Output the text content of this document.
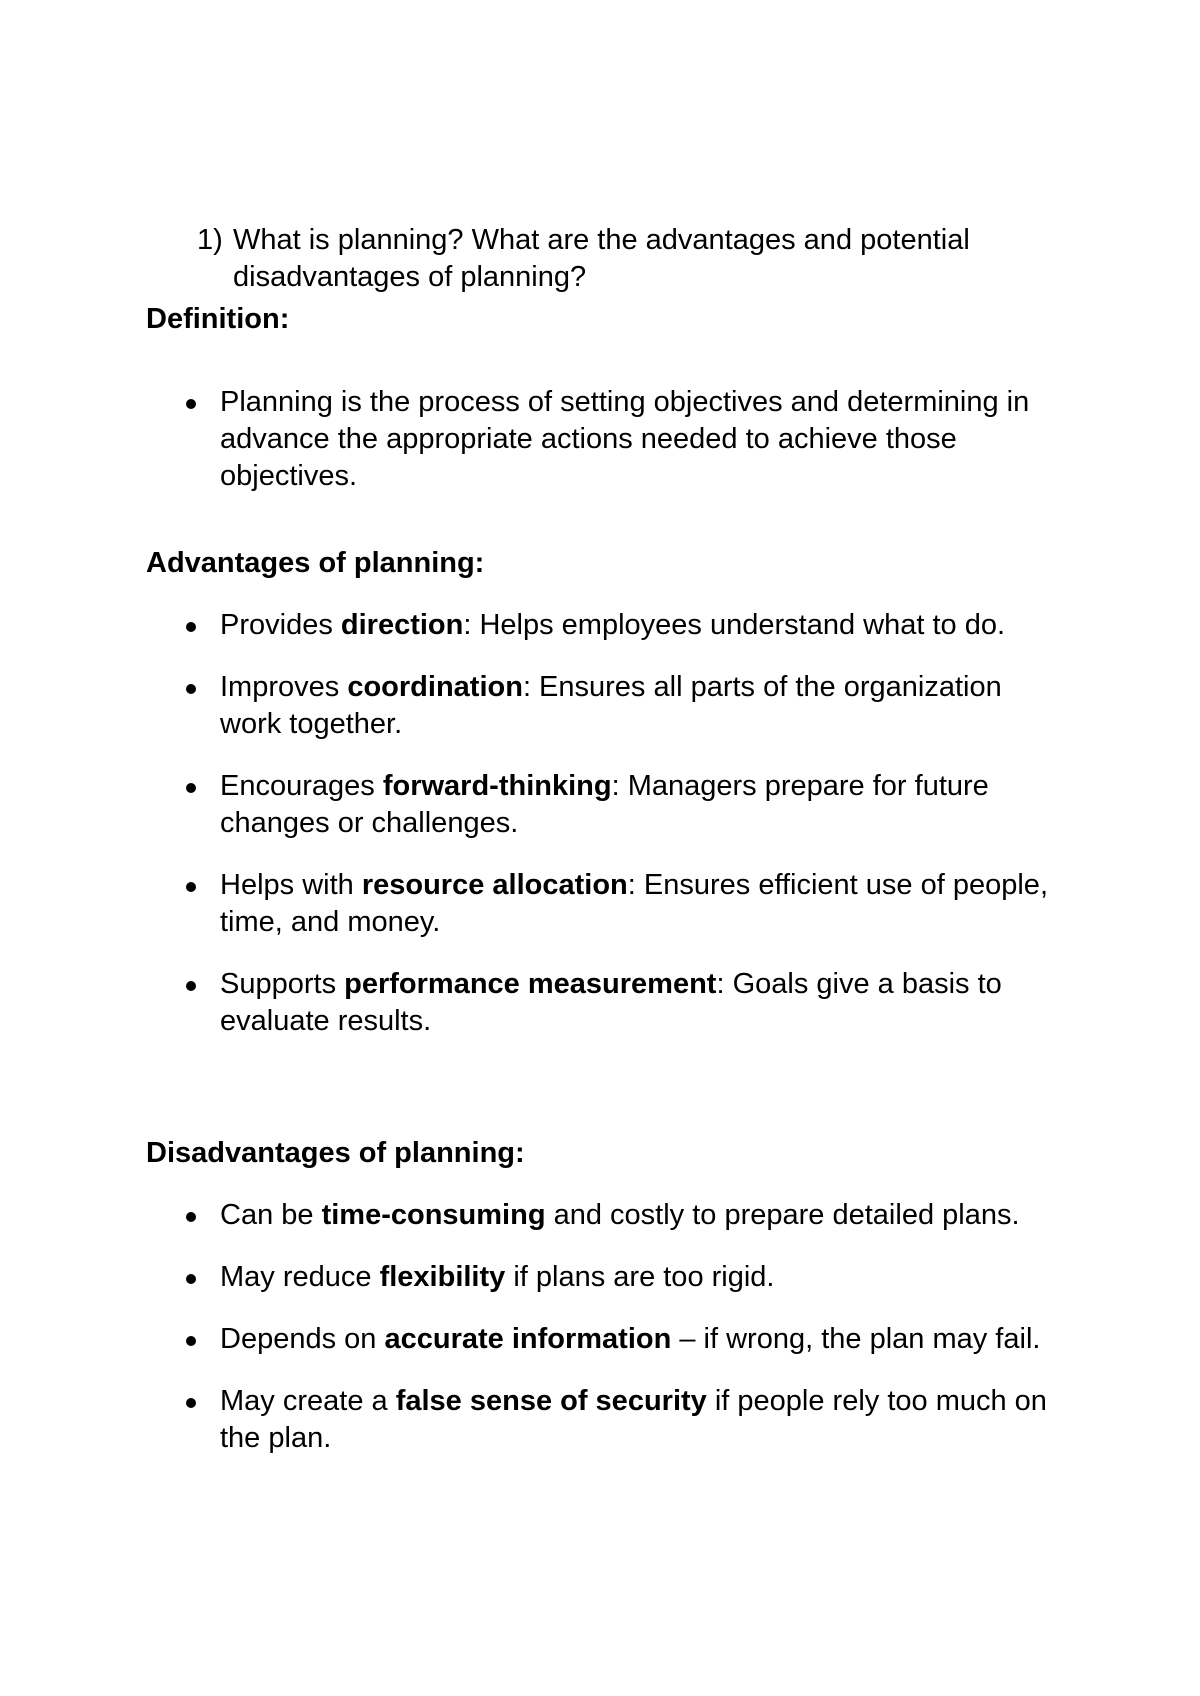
1) What is planning? What are the advantages and potential disadvantages of planning?
Definition:
Planning is the process of setting objectives and determining in advance the appropriate actions needed to achieve those objectives.
Advantages of planning:
Provides direction: Helps employees understand what to do.
Improves coordination: Ensures all parts of the organization work together.
Encourages forward-thinking: Managers prepare for future changes or challenges.
Helps with resource allocation: Ensures efficient use of people, time, and money.
Supports performance measurement: Goals give a basis to evaluate results.
Disadvantages of planning:
Can be time-consuming and costly to prepare detailed plans.
May reduce flexibility if plans are too rigid.
Depends on accurate information – if wrong, the plan may fail.
May create a false sense of security if people rely too much on the plan.
